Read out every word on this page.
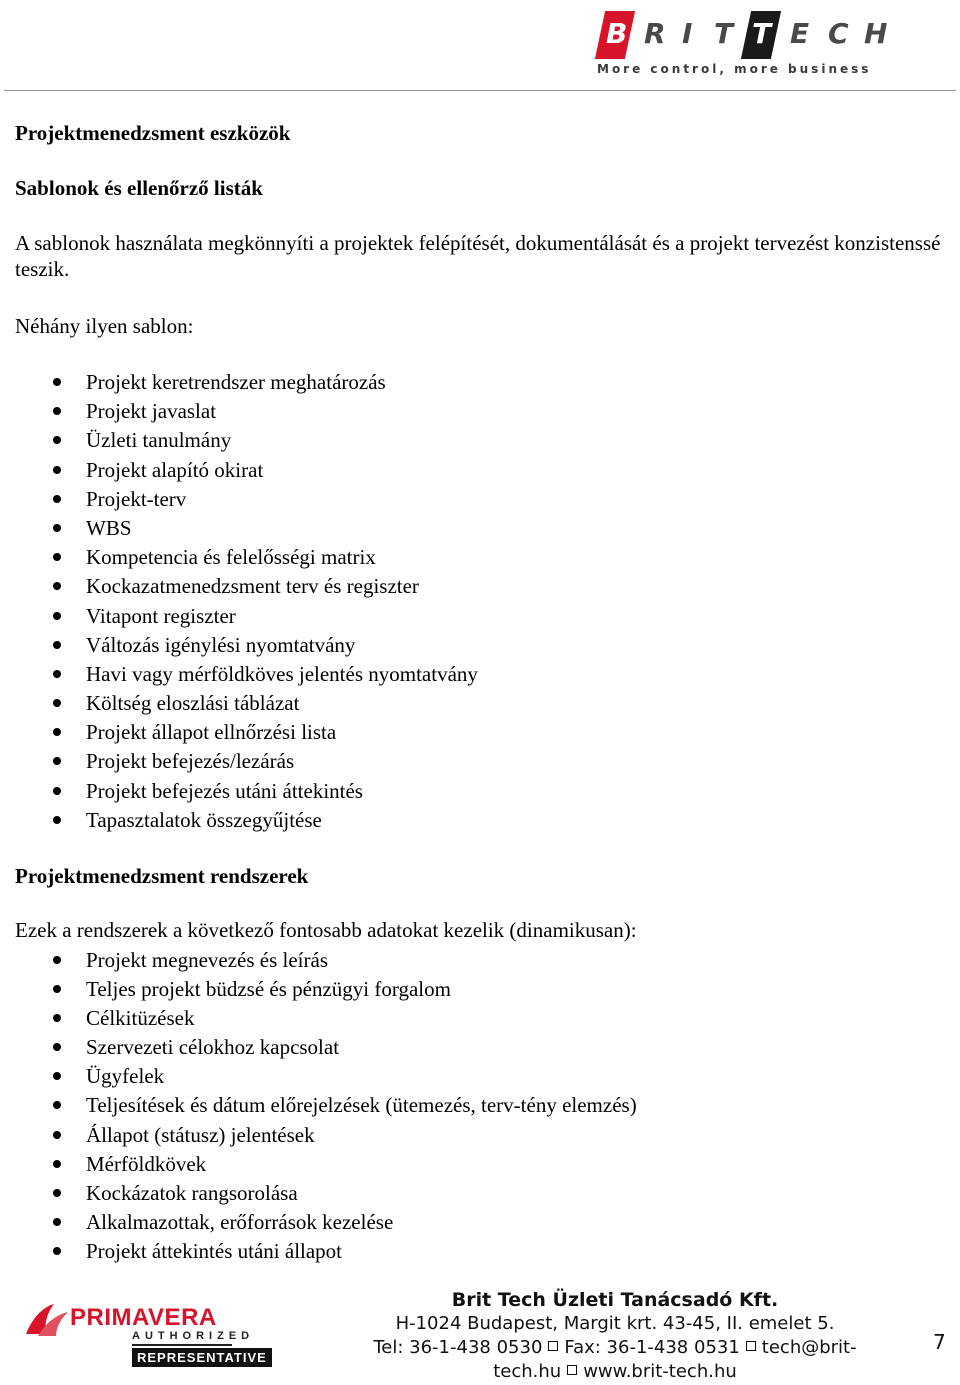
B R I T T E C H
More control, more business
Projektmenedzsment eszközök
Sablonok és ellenőrző listák
A sablonok használata megkönnyíti a projektek felépítését, dokumentálását és a projekt tervezést konzistenssé teszik.
Néhány ilyen sablon:
Projekt keretrendszer meghatározás
Projekt javaslat
Üzleti tanulmány
Projekt alapító okirat
Projekt-terv
WBS
Kompetencia és felelősségi matrix
Kockazatmenedzsment terv és regiszter
Vitapont regiszter
Változás igénylési nyomtatvány
Havi vagy mérföldköves jelentés nyomtatvány
Költség eloszlási táblázat
Projekt állapot ellnőrzési lista
Projekt befejezés/lezárás
Projekt befejezés utáni áttekintés
Tapasztalatok összegyűjtése
Projektmenedzsment rendszerek
Ezek a rendszerek a következő fontosabb adatokat kezelik (dinamikusan):
Projekt megnevezés és leírás
Teljes projekt büdzsé és pénzügyi forgalom
Célkitüzések
Szervezeti célokhoz kapcsolat
Ügyfelek
Teljesítések és dátum előrejelzések (ütemezés, terv-tény elemzés)
Állapot (státusz) jelentések
Mérföldkövek
Kockázatok rangsorolása
Alkalmazottak, erőforrások kezelése
Projekt áttekintés utáni állapot
PRIMAVERA
AUTHORIZED
REPRESENTATIVE
Brit Tech Üzleti Tanácsadó Kft.
H-1024 Budapest, Margit krt. 43-45, II. emelet 5.
Tel: 36-1-438 0530 Fax: 36-1-438 0531 tech@brit-
tech.hu www.brit-tech.hu
7
